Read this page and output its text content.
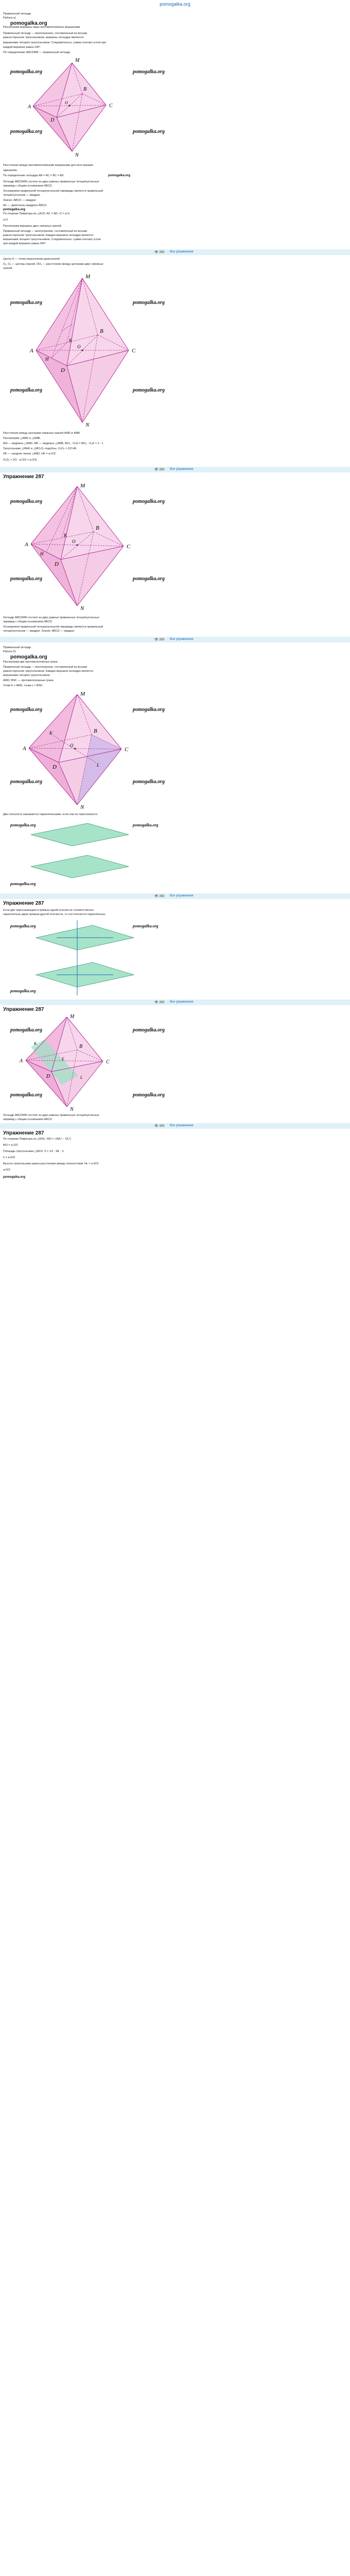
pomogalka.org
Правильный октаэдр.
Рабо‌та а)
pomogalka.org
Рассмотрим вершины пары противоположных вершинами.
Правильный октаэдр — многогранник, составленный из восьми
равносторонних треугольников, вершины октаэдра являются
вершинами четырёх треугольников. Следовательно, сумма плоских углов при
каждой вершине равна 240°.
По определению ABCDMN — правильный октаэдр.
M
A
B
C
D
O
N
pomogalka.org	pomogalka.org
pomogalka.org	pomogalka.org
Расстояние между противоположными вершинами для всех вершин
одинаково.
По определению октаэдра AB = AC = BC = AD.	pomogalka.org
Октаэдр ABCDMN состоит из двух равных правильных четырёхугольных
пирамид с общим основанием ABCD.
Основанием правильной четырехугольной пирамиды является правильный
четырёхугольник — квадрат.
Значит, ABCD — квадрат.
AC — диагональ квадрата ABCD.
pomogalka.org
По теореме Пифагора из △ACD: AC = AD·√2 = a√2.
a√2
Рассмотрим вершины двух смежных граней.
Правильный октаэдр — многогранник, составленный из восьми
равносторонних треугольников. Каждая вершина октаэдра является
вершинами четырёх треугольников. Следовательно, сумма плоских углов
при каждой вершине равна 240°.
👁 393 Все упражнения
Центр O — точка пересечения диагоналей.
O₁, O₂ — центры граней, OO₁ — расстояние между центрами двух смежных
граней.
M
A
B
C
D
O
H
K
N
pomogalka.org	pomogalka.org
pomogalka.org	pomogalka.org
Расстояние между центрами смежных граней AMD и AMB.
Рассмотрим △AMD и △AMB.
MH — медиана △AMD, MK — медиана △AMB, MO₁ : O₁H = MO₂ : O₂K = 2 : 1.
Треугольники △MHK и △MO₁O₂ подобны, O₁O₂ = 2/3 HK.
HK — средняя линия △ABD, HK = a√2/2.
O₁O₂ = 2/3 · a√2/2 = a√2/3.
👁 393 Все упражнения
Упражнение 287
M
A
B
C
D
O
H
K
N
pomogalka.org	pomogalka.org
pomogalka.org	pomogalka.org
Октаэдр ABCDMN состоит из двух равных правильных четырёхугольных
пирамид с общим основанием ABCD.
Основанием правильной четырехугольной пирамиды является правильный
четырёхугольник — квадрат. Значит, ABCD — квадрат.
👁 393 Все упражнения
Правильный октаэдр.
Рабо‌та б)
pomogalka.org
Рассмотрим две противоположные грани.
Правильный октаэдр — многогранник, составленный из восьми
равносторонних треугольников. Каждая вершина октаэдра является
вершинами четырёх треугольников.
AMD, BNC — противоположные грани.
Точки K = AMD, точки L = BNC.
M
A
B
C
D
K
L
O
N
pomogalka.org	pomogalka.org
pomogalka.org	pomogalka.org
Две плоскости называются параллельными, если они не пересекаются.
pomogalka.org	pomogalka.org
pomogalka.org
👁 393 Все упражнения
Упражнение 287
Если две пересекающиеся прямые одной плоскости соответственно
параллельны двум прямым другой плоскости, то эти плоскости параллельны.
pomogalka.org	pomogalka.org
pomogalka.org
👁 393 Все упражнения
Упражнение 287
M
A
B
C
D
K
L
E
N
pomogalka.org	pomogalka.org
pomogalka.org	pomogalka.org
Октаэдр ABCDMN состоит из двух равных правильных четырёхугольных
пирамид с общим основанием ABCD.
👁 393 Все упражнения
Упражнение 287
По теореме Пифагора из △MOL: MO = √(ML² − OL²)
MO = a√2/2
Площадь треугольника △MLN: S = 1/2 · ML · h.
h = a√6/3
Высота треугольника равна расстоянию между плоскостями: HL = a√6/3.
a√6/3
pomogalka.org
